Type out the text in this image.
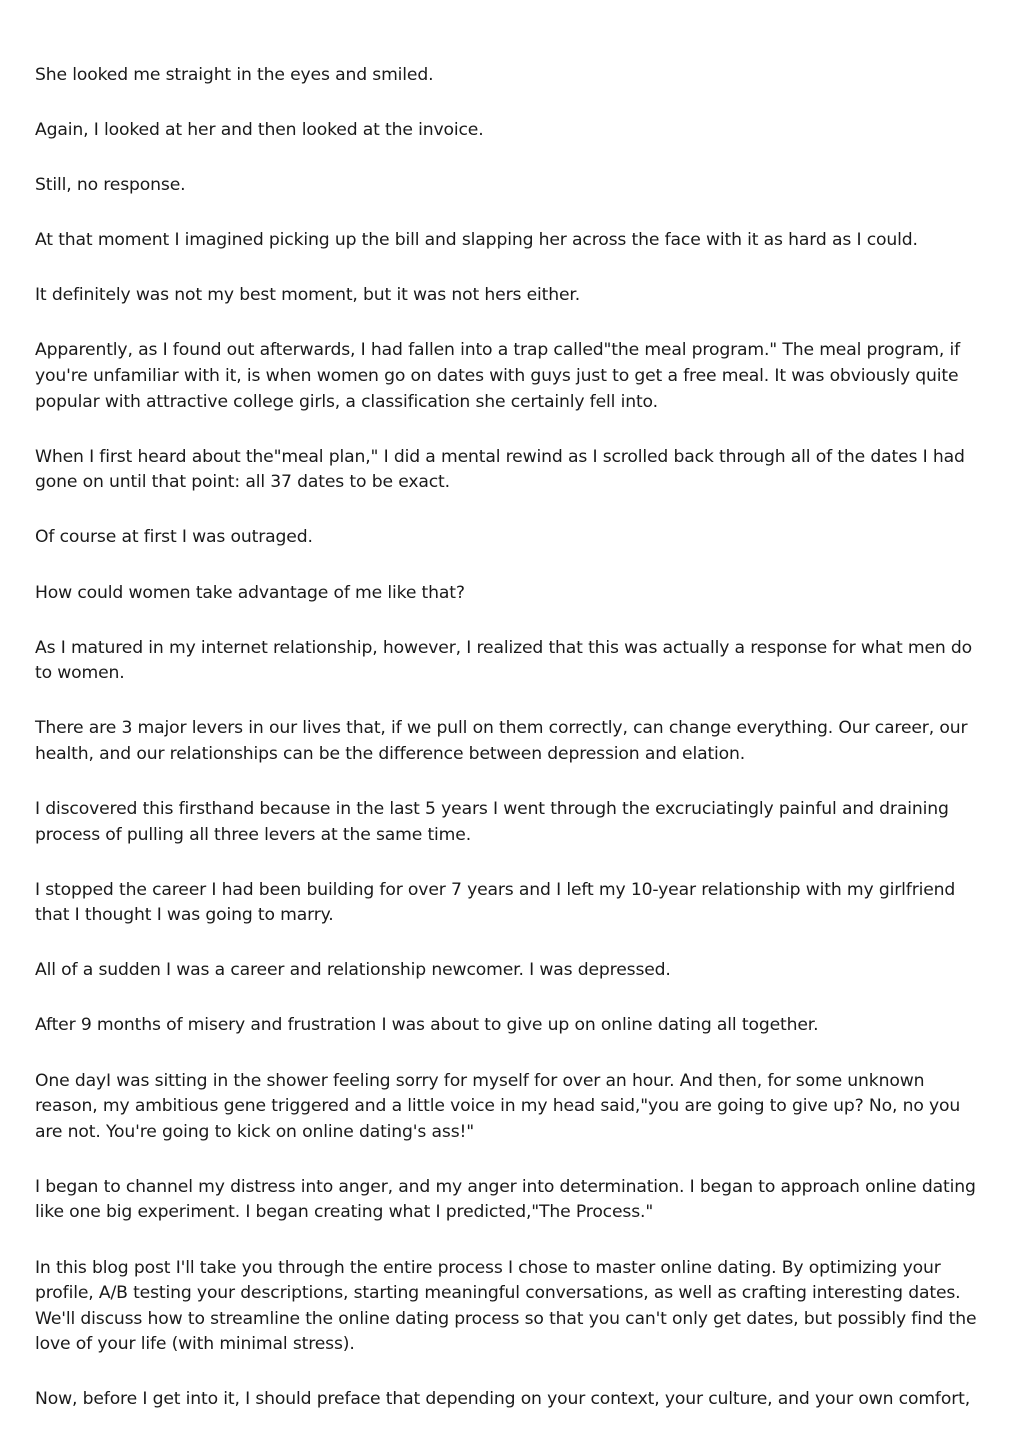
She looked me straight in the eyes and smiled.

Again, I looked at her and then looked at the invoice.

Still, no response.

At that moment I imagined picking up the bill and slapping her across the face with it as hard as I could.

It definitely was not my best moment, but it was not hers either.

Apparently, as I found out afterwards, I had fallen into a trap called"the meal program." The meal program, if you're unfamiliar with it, is when women go on dates with guys just to get a free meal. It was obviously quite popular with attractive college girls, a classification she certainly fell into.

When I first heard about the"meal plan," I did a mental rewind as I scrolled back through all of the dates I had gone on until that point: all 37 dates to be exact.

Of course at first I was outraged.

How could women take advantage of me like that?

As I matured in my internet relationship, however, I realized that this was actually a response for what men do to women.

There are 3 major levers in our lives that, if we pull on them correctly, can change everything. Our career, our health, and our relationships can be the difference between depression and elation.

I discovered this firsthand because in the last 5 years I went through the excruciatingly painful and draining process of pulling all three levers at the same time.

I stopped the career I had been building for over 7 years and I left my 10-year relationship with my girlfriend that I thought I was going to marry.

All of a sudden I was a career and relationship newcomer. I was depressed.

After 9 months of misery and frustration I was about to give up on online dating all together.

One dayI was sitting in the shower feeling sorry for myself for over an hour. And then, for some unknown reason, my ambitious gene triggered and a little voice in my head said,"you are going to give up? No, no you are not. You're going to kick on online dating's ass!"

I began to channel my distress into anger, and my anger into determination. I began to approach online dating like one big experiment. I began creating what I predicted,"The Process."

In this blog post I'll take you through the entire process I chose to master online dating. By optimizing your profile, A/B testing your descriptions, starting meaningful conversations, as well as crafting interesting dates. We'll discuss how to streamline the online dating process so that you can't only get dates, but possibly find the love of your life (with minimal stress).

Now, before I get into it, I should preface that depending on your context, your culture, and your own comfort,
